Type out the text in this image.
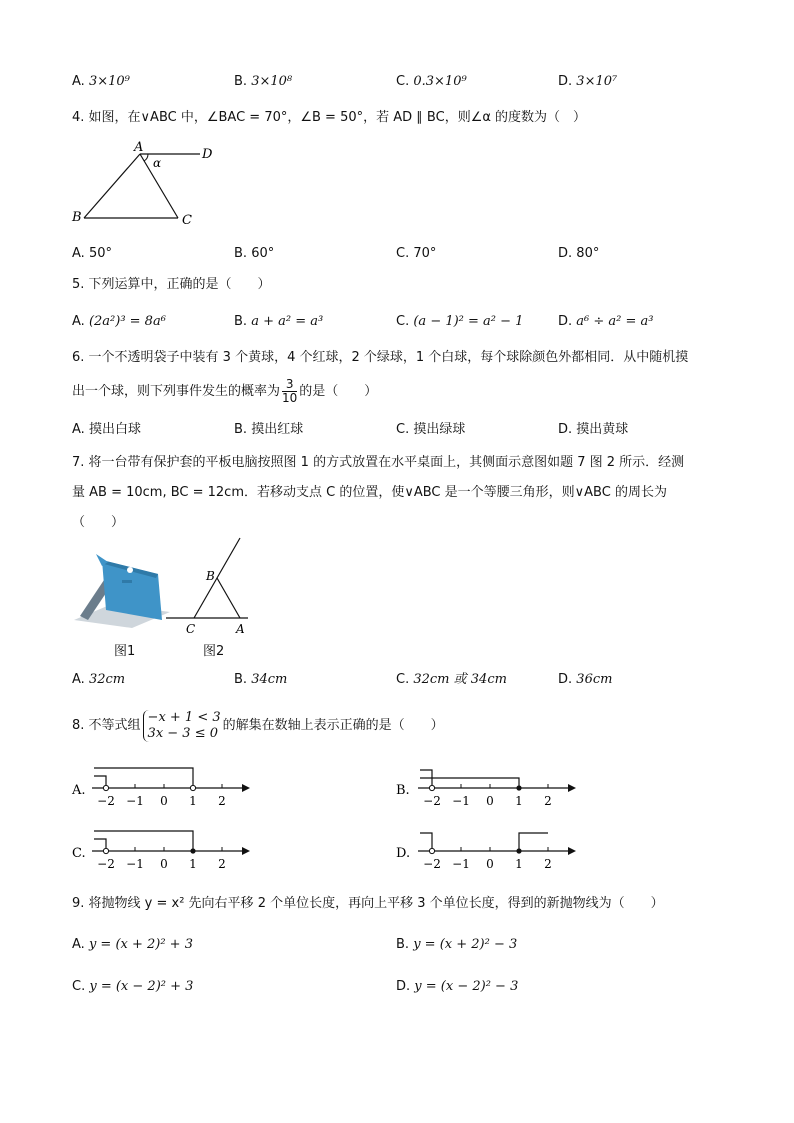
A. 3×10⁹	B. 3×10⁸	C. 0.3×10⁹	D. 3×10⁷
4. 如图，在∨ABC 中，∠BAC = 70°，∠B = 50°，若 AD ∥ BC，则∠α 的度数为（　）
A	D
B	C
α
A. 50°	B. 60°	C. 70°	D. 80°
5. 下列运算中，正确的是（　　）
A. (2a²)³ = 8a⁶	B. a + a² = a³	C. (a − 1)² = a² − 1	D. a⁶ ÷ a² = a³
6. 一个不透明袋子中装有 3 个黄球，4 个红球，2 个绿球，1 个白球，每个球除颜色外都相同．从中随机摸
出一个球，则下列事件发生的概率为 $\frac{3}{10}$ 的是（　　）
A. 摸出白球	B. 摸出红球	C. 摸出绿球	D. 摸出黄球
7. 将一台带有保护套的平板电脑按照图 1 的方式放置在水平桌面上，其侧面示意图如题 7 图 2 所示．经测
量 AB = 10cm, BC = 12cm．若移动支点 C 的位置，使∨ABC 是一个等腰三角形，则∨ABC 的周长为
（　　）
图1
B
C	A
图2
A. 32cm	B. 34cm	C. 32cm 或 34cm	D. 36cm
8. 不等式组
−x + 1 < 3
3x − 3 ≤ 0 的解集在数轴上表示正确的是（　　）
A.
−2 −1 0 1 2
B.
−2 −1 0 1 2
C.
−2 −1 0 1 2
D.
−2 −1 0 1 2
9. 将抛物线 y = x² 先向右平移 2 个单位长度，再向上平移 3 个单位长度，得到的新抛物线为（　　）
A. y = (x + 2)² + 3	B. y = (x + 2)² − 3
C. y = (x − 2)² + 3	D. y = (x − 2)² − 3
